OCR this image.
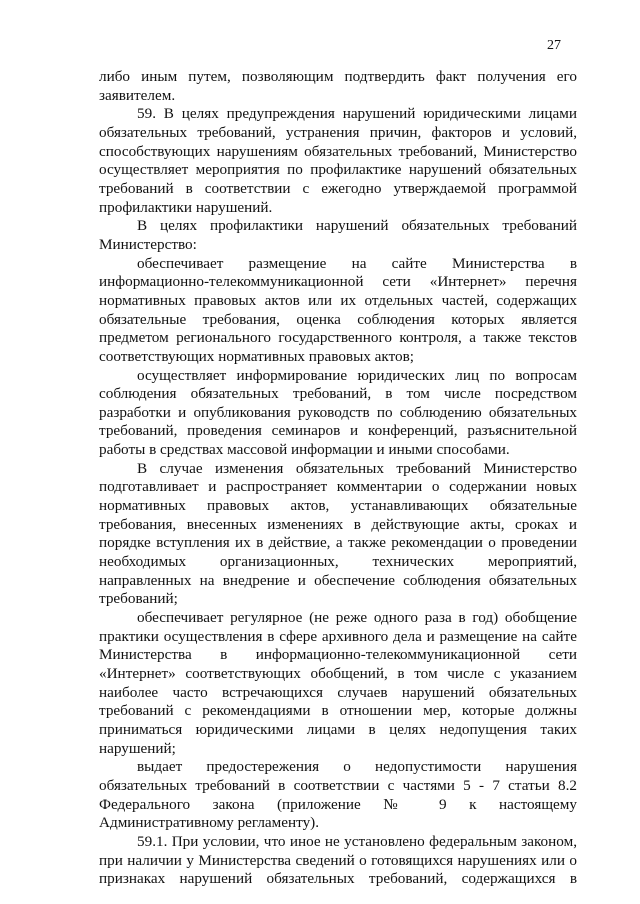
27

либо иным путем, позволяющим подтвердить факт получения его заявителем.

59. В целях предупреждения нарушений юридическими лицами обязательных требований, устранения причин, факторов и условий, способствующих нарушениям обязательных требований, Министерство осуществляет мероприятия по профилактике нарушений обязательных требований в соответствии с ежегодно утверждаемой программой профилактики нарушений.

В целях профилактики нарушений обязательных требований Министерство:

обеспечивает размещение на сайте Министерства в информационно-телекоммуникационной сети «Интернет» перечня нормативных правовых актов или их отдельных частей, содержащих обязательные требования, оценка соблюдения которых является предметом регионального государственного контроля, а также текстов соответствующих нормативных правовых актов;

осуществляет информирование юридических лиц по вопросам соблюдения обязательных требований, в том числе посредством разработки и опубликования руководств по соблюдению обязательных требований, проведения семинаров и конференций, разъяснительной работы в средствах массовой информации и иными способами.

В случае изменения обязательных требований Министерство подготавливает и распространяет комментарии о содержании новых нормативных правовых актов, устанавливающих обязательные требования, внесенных изменениях в действующие акты, сроках и порядке вступления их в действие, а также рекомендации о проведении необходимых организационных, технических мероприятий, направленных на внедрение и обеспечение соблюдения обязательных требований;

обеспечивает регулярное (не реже одного раза в год) обобщение практики осуществления в сфере архивного дела и размещение на сайте Министерства в информационно-телекоммуникационной сети «Интернет» соответствующих обобщений, в том числе с указанием наиболее часто встречающихся случаев нарушений обязательных требований с рекомендациями в отношении мер, которые должны приниматься юридическими лицами в целях недопущения таких нарушений;

выдает предостережения о недопустимости нарушения обязательных требований в соответствии с частями 5 - 7 статьи 8.2 Федерального закона (приложение № 9 к настоящему Административному регламенту).

59.1. При условии, что иное не установлено федеральным законом, при наличии у Министерства сведений о готовящихся нарушениях или о признаках нарушений обязательных требований, содержащихся в
